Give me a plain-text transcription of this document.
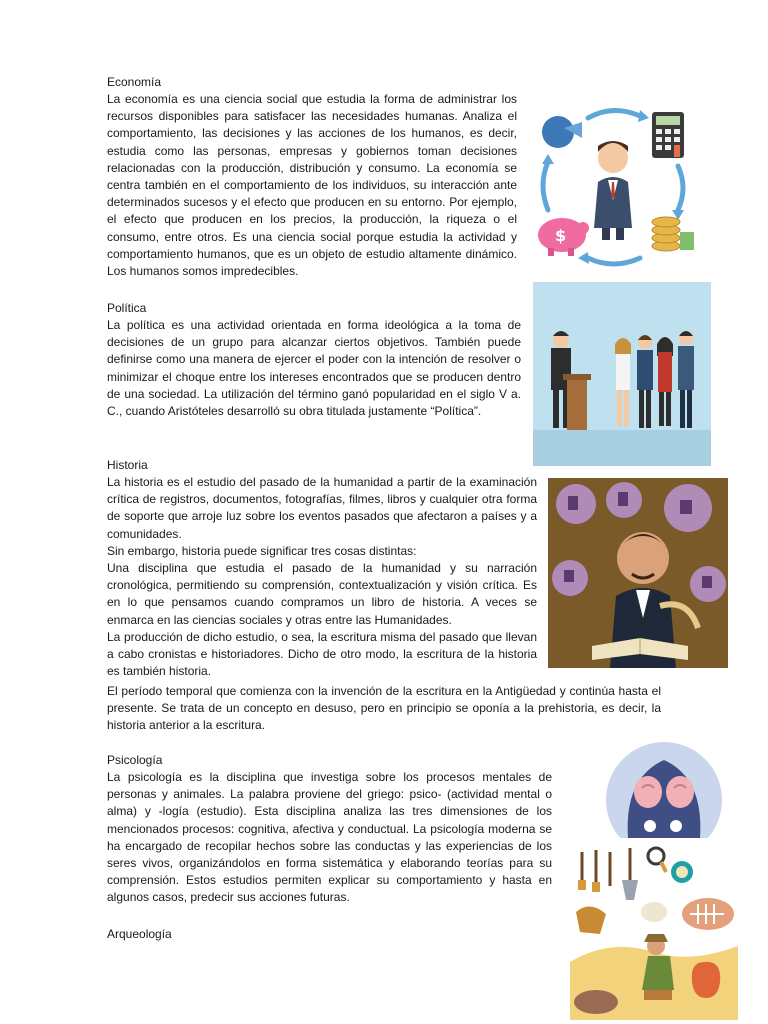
Economía

La economía es una ciencia social que estudia la forma de administrar los recursos disponibles para satisfacer las necesidades humanas. Analiza el comportamiento, las decisiones y las acciones de los humanos, es decir, estudia como las personas, empresas y gobiernos toman decisiones relacionadas con la producción, distribución y consumo. La economía se centra también en el comportamiento de los individuos, su interacción ante determinados sucesos y el efecto que producen en su entorno. Por ejemplo, el efecto que producen en los precios, la producción, la riqueza o el consumo, entre otros. Es una ciencia social porque estudia la actividad y comportamiento humanos, que es un objeto de estudio altamente dinámico. Los humanos somos impredecibles.

Política

La política es una actividad orientada en forma ideológica a la toma de decisiones de un grupo para alcanzar ciertos objetivos. También puede definirse como una manera de ejercer el poder con la intención de resolver o minimizar el choque entre los intereses encontrados que se producen dentro de una sociedad. La utilización del término ganó popularidad en el siglo V a. C., cuando Aristóteles desarrolló su obra titulada justamente “Política”.

Historia

La historia es el estudio del pasado de la humanidad a partir de la examinación crítica de registros, documentos, fotografías, filmes, libros y cualquier otra forma de soporte que arroje luz sobre los eventos pasados que afectaron a países y a comunidades.

Sin embargo, historia puede significar tres cosas distintas:

Una disciplina que estudia el pasado de la humanidad y su narración cronológica, permitiendo su comprensión, contextualización y visión crítica. Es en lo que pensamos cuando compramos un libro de historia. A veces se enmarca en las ciencias sociales y otras entre las Humanidades.

La producción de dicho estudio, o sea, la escritura misma del pasado que llevan a cabo cronistas e historiadores. Dicho de otro modo, la escritura de la historia es también historia.

El período temporal que comienza con la invención de la escritura en la Antigüedad y continúa hasta el presente. Se trata de un concepto en desuso, pero en principio se oponía a la prehistoria, es decir, la historia anterior a la escritura.

Psicología

La psicología es la disciplina que investiga sobre los procesos mentales de personas y animales. La palabra proviene del griego: psico- (actividad mental o alma) y -logía (estudio). Esta disciplina analiza las tres dimensiones de los mencionados procesos: cognitiva, afectiva y conductual. La psicología moderna se ha encargado de recopilar hechos sobre las conductas y las experiencias de los seres vivos, organizándolos en forma sistemática y elaborando teorías para su comprensión. Estos estudios permiten explicar su comportamiento y hasta en algunos casos, predecir sus acciones futuras.

Arqueología
$
